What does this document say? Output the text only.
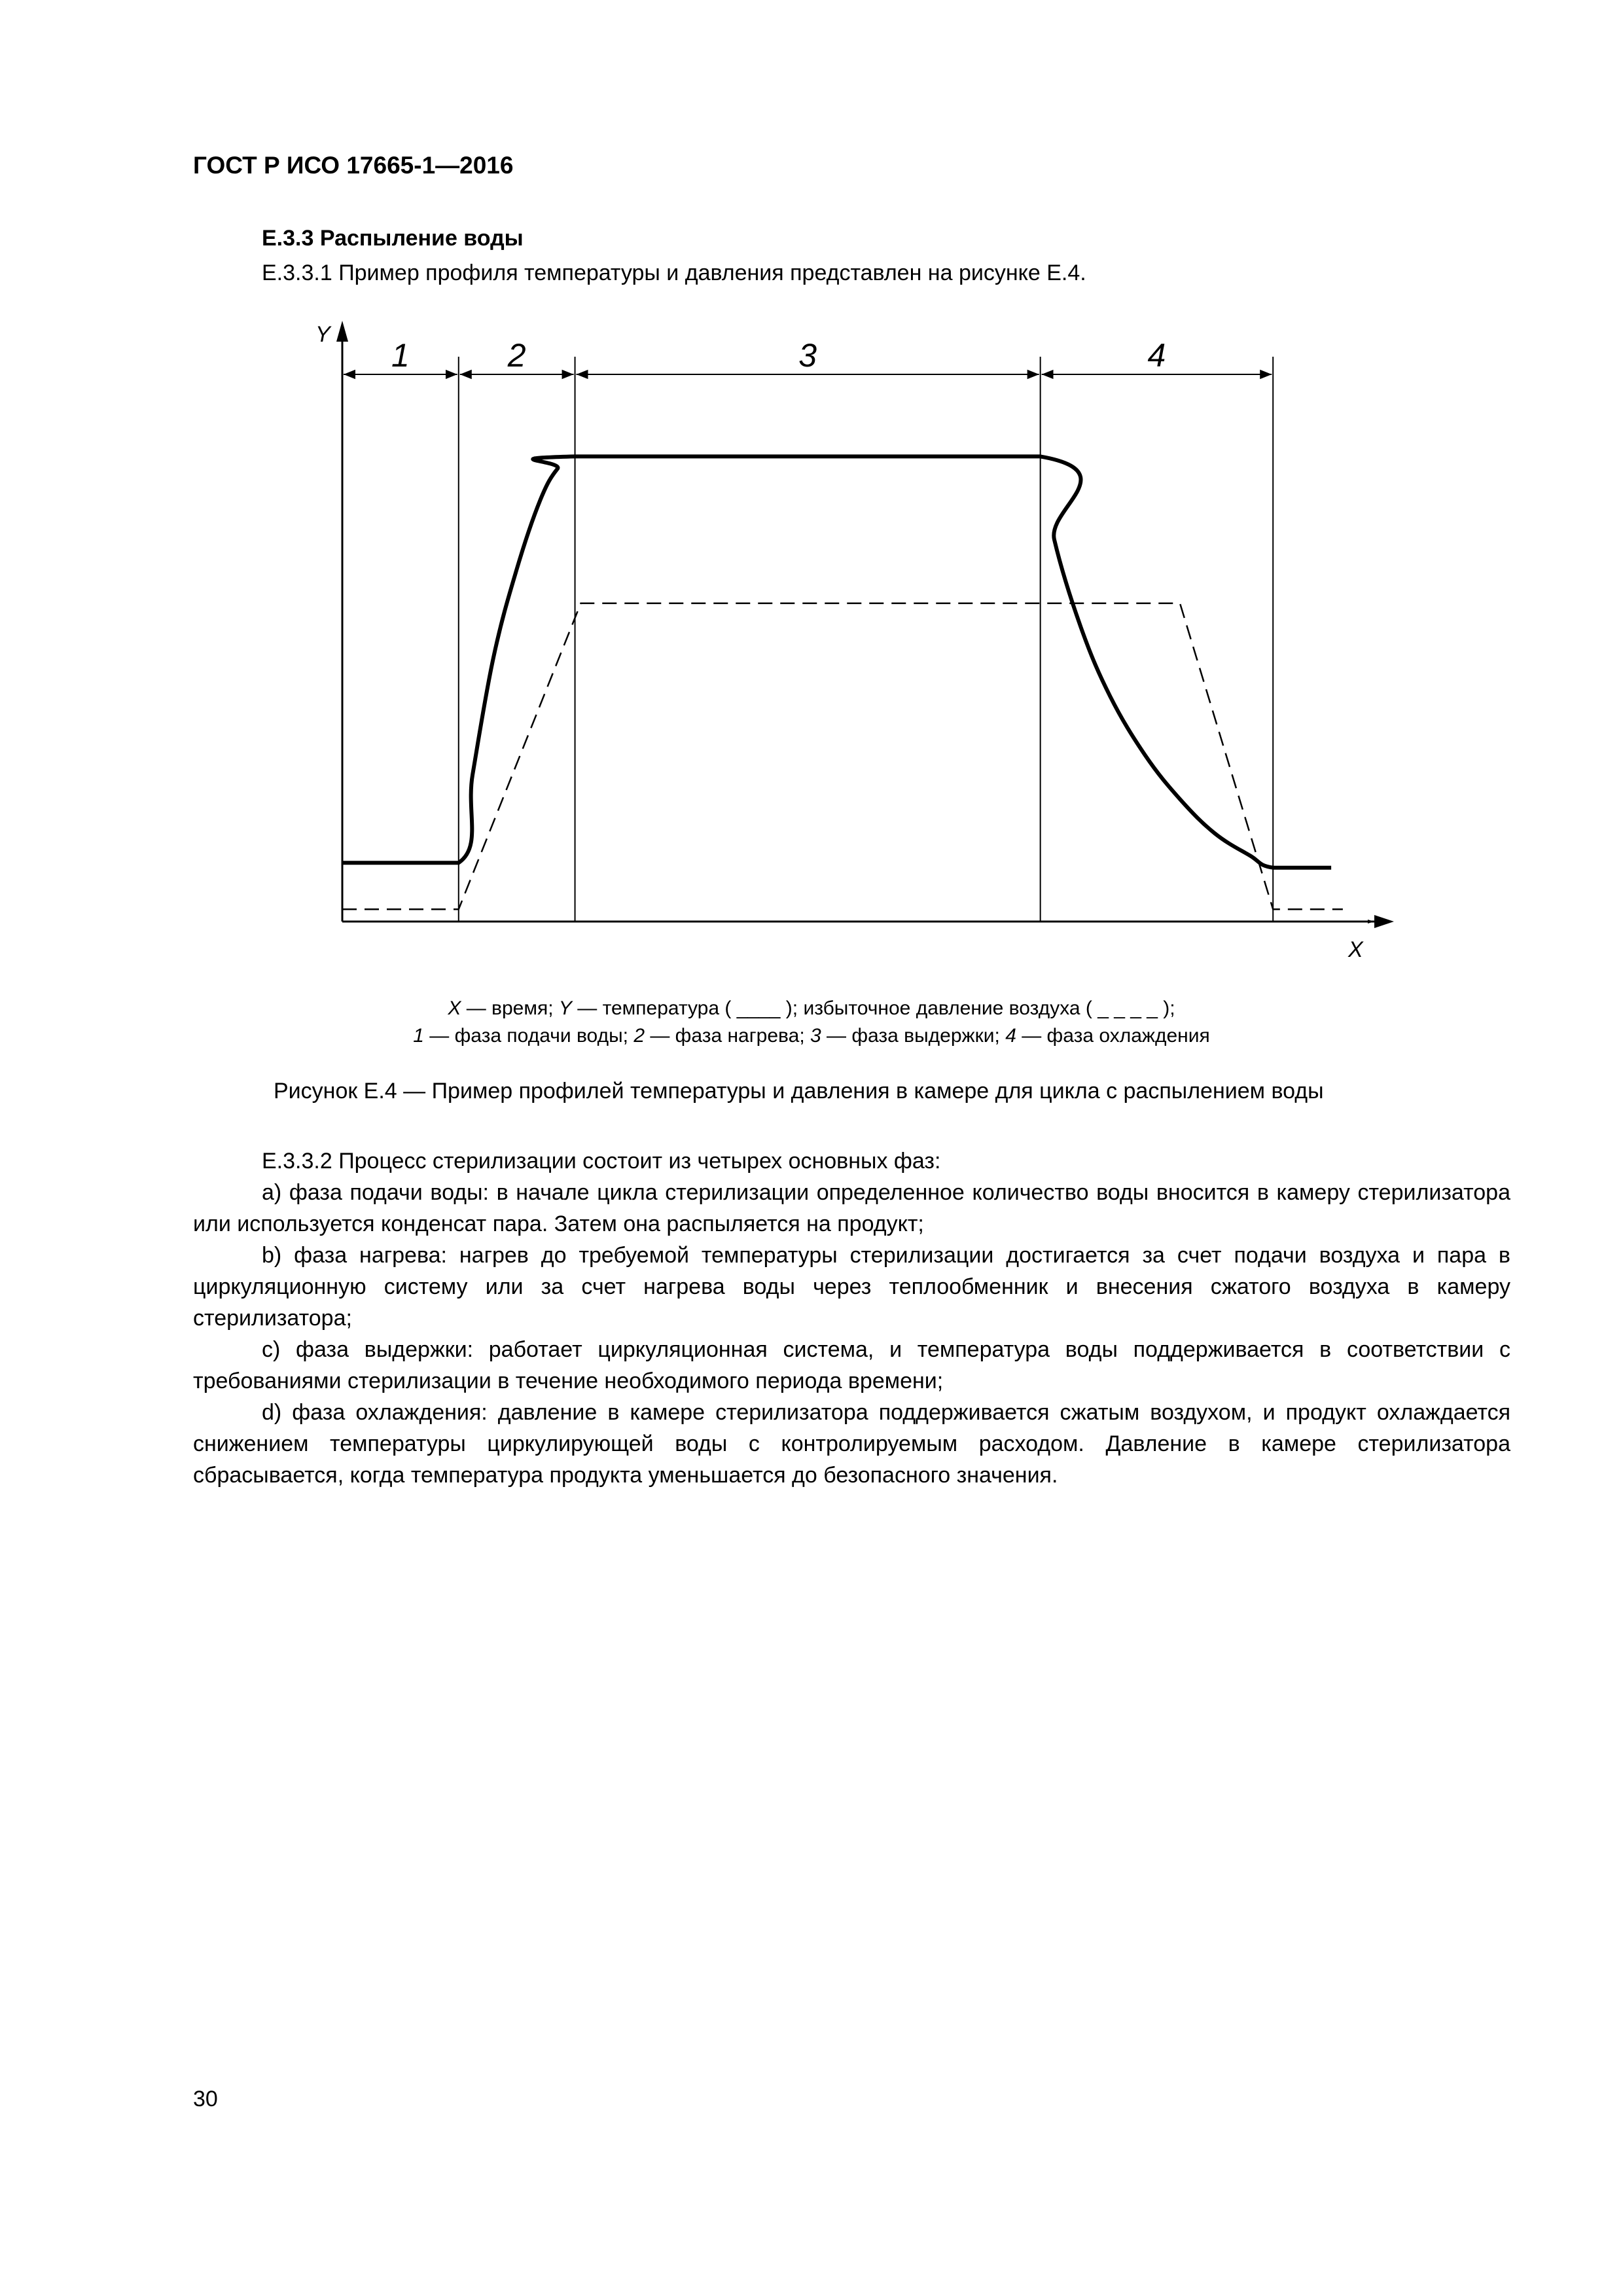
ГОСТ Р ИСО 17665-1—2016
Е.3.3 Распыление воды
Е.3.3.1 Пример профиля температуры и давления представлен на рисунке Е.4.
X
Y
1	2	3	4
X — время; Y — температура ( ____ ); избыточное давление воздуха ( _ _ _ _ );
1 — фаза подачи воды; 2 — фаза нагрева; 3 — фаза выдержки; 4 — фаза охлаждения
Рисунок Е.4 — Пример профилей температуры и давления в камере для цикла с распылением воды

Е.3.3.2 Процесс стерилизации состоит из четырех основных фаз:

a) фаза подачи воды: в начале цикла стерилизации определенное количество воды вносится в камеру стерилизатора или используется конденсат пара. Затем она распыляется на продукт;

b) фаза нагрева: нагрев до требуемой температуры стерилизации достигается за счет подачи воздуха и пара в циркуляционную систему или за счет нагрева воды через теплообменник и внесения сжатого воздуха в камеру стерилизатора;

c) фаза выдержки: работает циркуляционная система, и температура воды поддерживается в соответствии с требованиями стерилизации в течение необходимого периода времени;

d) фаза охлаждения: давление в камере стерилизатора поддерживается сжатым воздухом, и продукт охлаждается снижением температуры циркулирующей воды с контролируемым расходом. Давление в камере стерилизатора сбрасывается, когда температура продукта уменьшается до безопасного значения.

30
